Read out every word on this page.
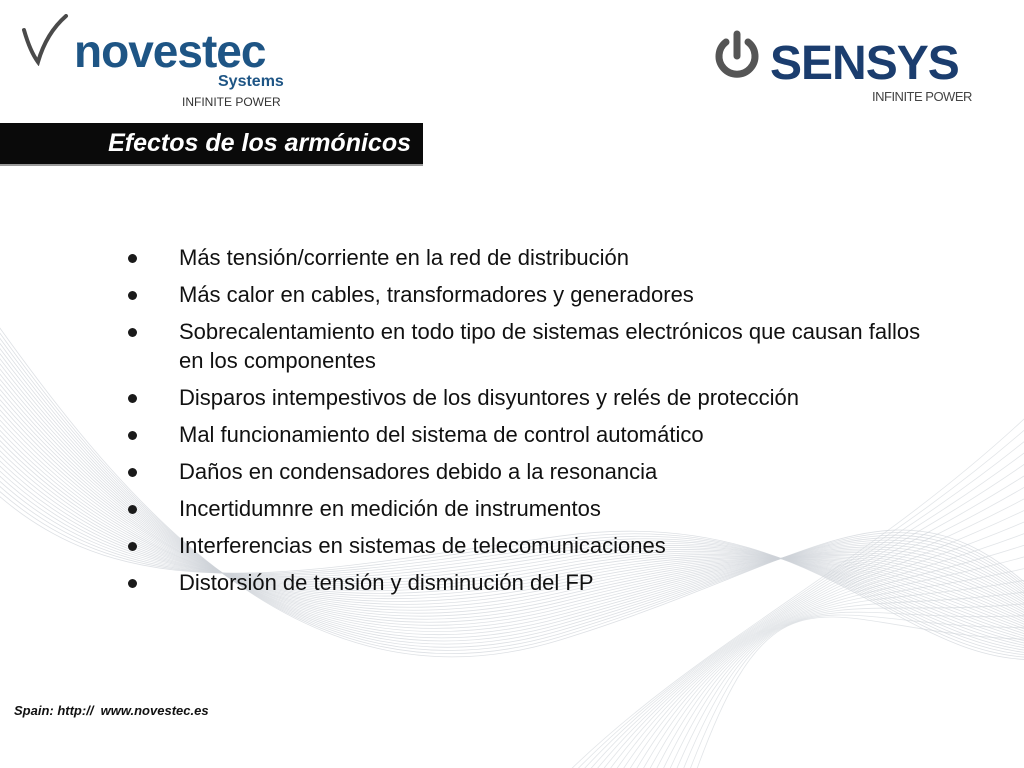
novestec
Systems
INFINITE POWER
SENSYS
INFINITE POWER
Efectos de los armónicos
Más tensión/corriente en la red de distribución
Más calor en cables, transformadores y generadores
Sobrecalentamiento en todo tipo de sistemas electrónicos que causan fallos en los componentes
Disparos intempestivos de los disyuntores y relés de protección
Mal funcionamiento del sistema de control automático
Daños en condensadores debido a la resonancia
Incertidumnre en medición de instrumentos
Interferencias en sistemas de telecomunicaciones
Distorsión de tensión y disminución del FP
Spain: http://  www.novestec.es
